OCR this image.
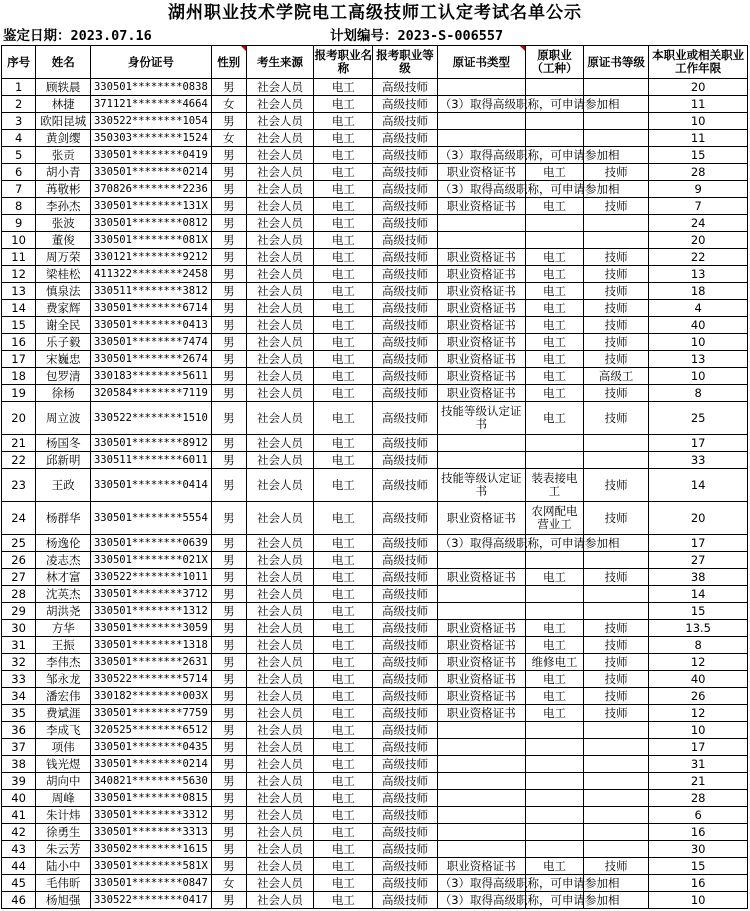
湖州职业技术学院电工高级技师工认定考试名单公示
鉴定日期：2023.07.16	计划编号：2023-S-006557
序号	姓名	身份证号	性别	考生来源	报考职业名称	报考职业等级	原证书类型	原职业（工种）	原证书等级	本职业或相关职业工作年限
1	顾轶晨	330501********0838	男	社会人员	电工	高级技师				20
2	林捷	371121********4664	女	社会人员	电工	高级技师	（3）取得高级职称，可申请参加相			11
3	欧阳昆城	330522********1054	男	社会人员	电工	高级技师				10
4	黄剑缨	350303********1524	女	社会人员	电工	高级技师				11
5	张贡	330501********0419	男	社会人员	电工	高级技师	（3）取得高级职称，可申请参加相			15
6	胡小青	330501********0214	男	社会人员	电工	高级技师	职业资格证书	电工	技师	28
7	苒敬彬	370826********2236	男	社会人员	电工	高级技师	（3）取得高级职称，可申请参加相			9
8	李孙杰	330501********131X	男	社会人员	电工	高级技师	职业资格证书	电工	技师	7
9	张波	330501********0812	男	社会人员	电工	高级技师				24
10	董俊	330501********081X	男	社会人员	电工	高级技师				20
11	周万荣	330121********9212	男	社会人员	电工	高级技师	职业资格证书	电工	技师	22
12	梁桂松	411322********2458	男	社会人员	电工	高级技师	职业资格证书	电工	技师	13
13	慎泉法	330511********3812	男	社会人员	电工	高级技师	职业资格证书	电工	技师	18
14	费家辉	330501********6714	男	社会人员	电工	高级技师	职业资格证书	电工	技师	4
15	谢全民	330501********0413	男	社会人员	电工	高级技师	职业资格证书	电工	技师	40
16	乐子毅	330501********7474	男	社会人员	电工	高级技师	职业资格证书	电工	技师	10
17	宋巍忠	330501********2674	男	社会人员	电工	高级技师	职业资格证书	电工	技师	13
18	包罗清	330183********5611	男	社会人员	电工	高级技师	职业资格证书	电工	高级工	10
19	徐杨	320584********7119	男	社会人员	电工	高级技师	职业资格证书	电工	技师	8
20	周立波	330522********1510	男	社会人员	电工	高级技师	技能等级认定证书	电工	技师	25
21	杨国冬	330501********8912	男	社会人员	电工	高级技师				17
22	邱新明	330511********6011	男	社会人员	电工	高级技师				33
23	王政	330501********0414	男	社会人员	电工	高级技师	技能等级认定证书	装表接电工	技师	14
24	杨群华	330501********5554	男	社会人员	电工	高级技师	职业资格证书	农网配电营业工	技师	20
25	杨逸伦	330501********0639	男	社会人员	电工	高级技师	（3）取得高级职称，可申请参加相			17
26	凌志杰	330501********021X	男	社会人员	电工	高级技师				27
27	林才富	330522********1011	男	社会人员	电工	高级技师	职业资格证书	电工	技师	38
28	沈英杰	330501********3712	男	社会人员	电工	高级技师				14
29	胡洪尧	330501********1312	男	社会人员	电工	高级技师				15
30	方华	330501********3059	男	社会人员	电工	高级技师	职业资格证书	电工	技师	13.5
31	王振	330501********1318	男	社会人员	电工	高级技师	职业资格证书	电工	技师	8
32	李伟杰	330501********2631	男	社会人员	电工	高级技师	职业资格证书	维修电工	技师	12
33	邹永龙	330522********5714	男	社会人员	电工	高级技师	职业资格证书	电工	技师	40
34	潘宏伟	330182********003X	男	社会人员	电工	高级技师	职业资格证书	电工	技师	26
35	费斌涯	330501********7759	男	社会人员	电工	高级技师	职业资格证书	电工	技师	12
36	李成飞	320525********6512	男	社会人员	电工	高级技师				10
37	项伟	330501********0435	男	社会人员	电工	高级技师				17
38	钱光煜	330501********0214	男	社会人员	电工	高级技师				31
39	胡向中	340821********5630	男	社会人员	电工	高级技师				21
40	周峰	330501********0815	男	社会人员	电工	高级技师				28
41	朱计炜	330501********3312	男	社会人员	电工	高级技师				6
42	徐勇生	330501********3313	男	社会人员	电工	高级技师				16
43	朱云芳	330502********1615	男	社会人员	电工	高级技师				30
44	陆小中	330501********581X	男	社会人员	电工	高级技师	职业资格证书	电工	技师	15
45	毛伟昕	330501********0847	女	社会人员	电工	高级技师	（3）取得高级职称，可申请参加相			16
46	杨旭强	330522********0417	男	社会人员	电工	高级技师	（3）取得高级职称，可申请参加相			10
